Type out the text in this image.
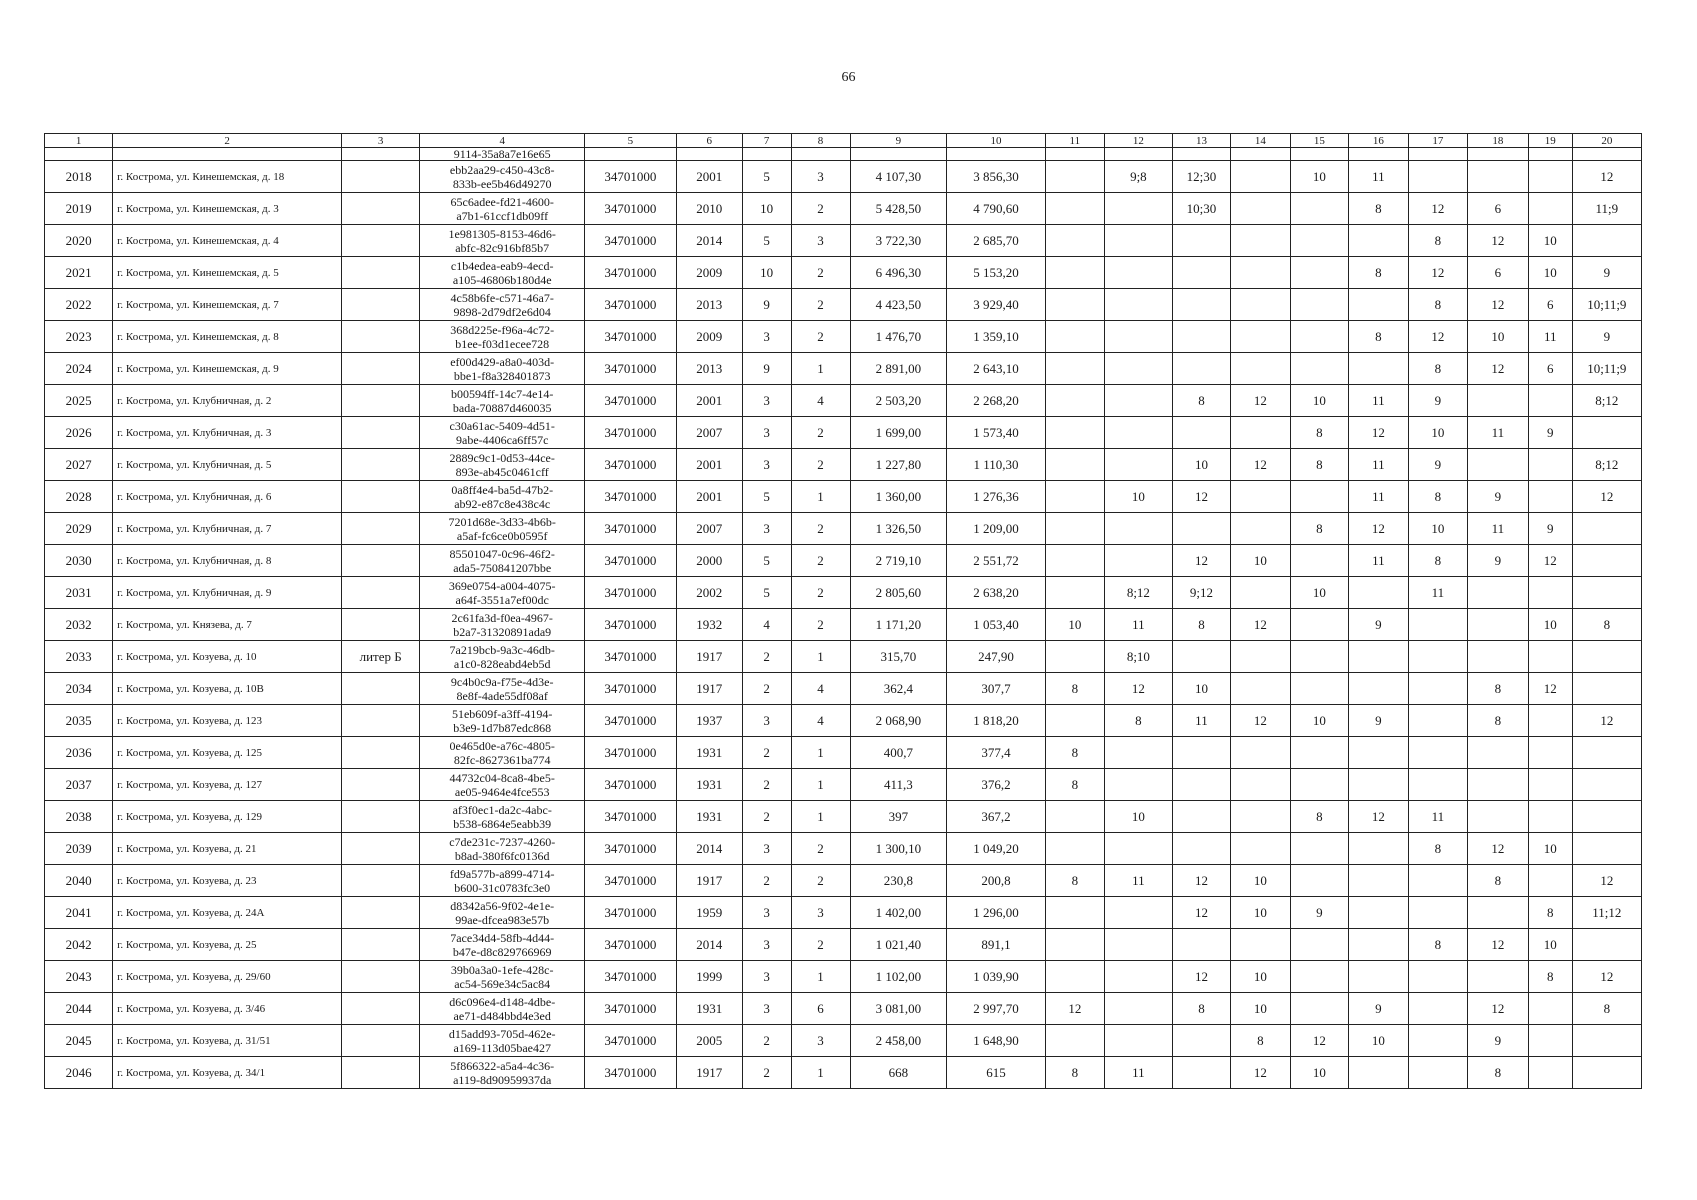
66
1	2	3	4	5	6	7	8	9	10	11	12	13	14	15	16	17	18	19	20
			9114-35a8a7e16e65																
2018	г. Кострома, ул. Кинешемская, д. 18		ebb2aa29-c450-43c8-
833b-ee5b46d49270	34701000	2001	5	3	4 107,30	3 856,30		9;8	12;30		10	11				12
2019	г. Кострома, ул. Кинешемская, д. 3		65c6adee-fd21-4600-
a7b1-61ccf1db09ff	34701000	2010	10	2	5 428,50	4 790,60			10;30			8	12	6		11;9
2020	г. Кострома, ул. Кинешемская, д. 4		1e981305-8153-46d6-
abfc-82c916bf85b7	34701000	2014	5	3	3 722,30	2 685,70							8	12	10	
2021	г. Кострома, ул. Кинешемская, д. 5		c1b4edea-eab9-4ecd-
a105-46806b180d4e	34701000	2009	10	2	6 496,30	5 153,20						8	12	6	10	9
2022	г. Кострома, ул. Кинешемская, д. 7		4c58b6fe-c571-46a7-
9898-2d79df2e6d04	34701000	2013	9	2	4 423,50	3 929,40							8	12	6	10;11;9
2023	г. Кострома, ул. Кинешемская, д. 8		368d225e-f96a-4c72-
b1ee-f03d1ecee728	34701000	2009	3	2	1 476,70	1 359,10						8	12	10	11	9
2024	г. Кострома, ул. Кинешемская, д. 9		ef00d429-a8a0-403d-
bbe1-f8a328401873	34701000	2013	9	1	2 891,00	2 643,10							8	12	6	10;11;9
2025	г. Кострома, ул. Клубничная, д. 2		b00594ff-14c7-4e14-
bada-70887d460035	34701000	2001	3	4	2 503,20	2 268,20			8	12	10	11	9			8;12
2026	г. Кострома, ул. Клубничная, д. 3		c30a61ac-5409-4d51-
9abe-4406ca6ff57c	34701000	2007	3	2	1 699,00	1 573,40					8	12	10	11	9	
2027	г. Кострома, ул. Клубничная, д. 5		2889c9c1-0d53-44ce-
893e-ab45c0461cff	34701000	2001	3	2	1 227,80	1 110,30			10	12	8	11	9			8;12
2028	г. Кострома, ул. Клубничная, д. 6		0a8ff4e4-ba5d-47b2-
ab92-e87c8e438c4c	34701000	2001	5	1	1 360,00	1 276,36		10	12			11	8	9		12
2029	г. Кострома, ул. Клубничная, д. 7		7201d68e-3d33-4b6b-
a5af-fc6ce0b0595f	34701000	2007	3	2	1 326,50	1 209,00					8	12	10	11	9	
2030	г. Кострома, ул. Клубничная, д. 8		85501047-0c96-46f2-
ada5-750841207bbe	34701000	2000	5	2	2 719,10	2 551,72			12	10		11	8	9	12	
2031	г. Кострома, ул. Клубничная, д. 9		369e0754-a004-4075-
a64f-3551a7ef00dc	34701000	2002	5	2	2 805,60	2 638,20		8;12	9;12		10		11			
2032	г. Кострома, ул. Князева, д. 7		2c61fa3d-f0ea-4967-
b2a7-31320891ada9	34701000	1932	4	2	1 171,20	1 053,40	10	11	8	12		9			10	8
2033	г. Кострома, ул. Козуева, д. 10	литер Б	7a219bcb-9a3c-46db-
a1c0-828eabd4eb5d	34701000	1917	2	1	315,70	247,90		8;10								
2034	г. Кострома, ул. Козуева, д. 10В		9c4b0c9a-f75e-4d3e-
8e8f-4ade55df08af	34701000	1917	2	4	362,4	307,7	8	12	10					8	12	
2035	г. Кострома, ул. Козуева, д. 123		51eb609f-a3ff-4194-
b3e9-1d7b87edc868	34701000	1937	3	4	2 068,90	1 818,20		8	11	12	10	9		8		12
2036	г. Кострома, ул. Козуева, д. 125		0e465d0e-a76c-4805-
82fc-8627361ba774	34701000	1931	2	1	400,7	377,4	8									
2037	г. Кострома, ул. Козуева, д. 127		44732c04-8ca8-4be5-
ae05-9464e4fce553	34701000	1931	2	1	411,3	376,2	8									
2038	г. Кострома, ул. Козуева, д. 129		af3f0ec1-da2c-4abc-
b538-6864e5eabb39	34701000	1931	2	1	397	367,2		10			8	12	11			
2039	г. Кострома, ул. Козуева, д. 21		c7de231c-7237-4260-
b8ad-380f6fc0136d	34701000	2014	3	2	1 300,10	1 049,20							8	12	10	
2040	г. Кострома, ул. Козуева, д. 23		fd9a577b-a899-4714-
b600-31c0783fc3e0	34701000	1917	2	2	230,8	200,8	8	11	12	10				8		12
2041	г. Кострома, ул. Козуева, д. 24А		d8342a56-9f02-4e1e-
99ae-dfcea983e57b	34701000	1959	3	3	1 402,00	1 296,00			12	10	9				8	11;12
2042	г. Кострома, ул. Козуева, д. 25		7ace34d4-58fb-4d44-
b47e-d8c829766969	34701000	2014	3	2	1 021,40	891,1							8	12	10	
2043	г. Кострома, ул. Козуева, д. 29/60		39b0a3a0-1efe-428c-
ac54-569e34c5ac84	34701000	1999	3	1	1 102,00	1 039,90			12	10					8	12
2044	г. Кострома, ул. Козуева, д. 3/46		d6c096e4-d148-4dbe-
ae71-d484bbd4e3ed	34701000	1931	3	6	3 081,00	2 997,70	12		8	10		9		12		8
2045	г. Кострома, ул. Козуева, д. 31/51		d15add93-705d-462e-
a169-113d05bae427	34701000	2005	2	3	2 458,00	1 648,90				8	12	10		9		
2046	г. Кострома, ул. Козуева, д. 34/1		5f866322-a5a4-4c36-
a119-8d90959937da	34701000	1917	2	1	668	615	8	11		12	10			8		
